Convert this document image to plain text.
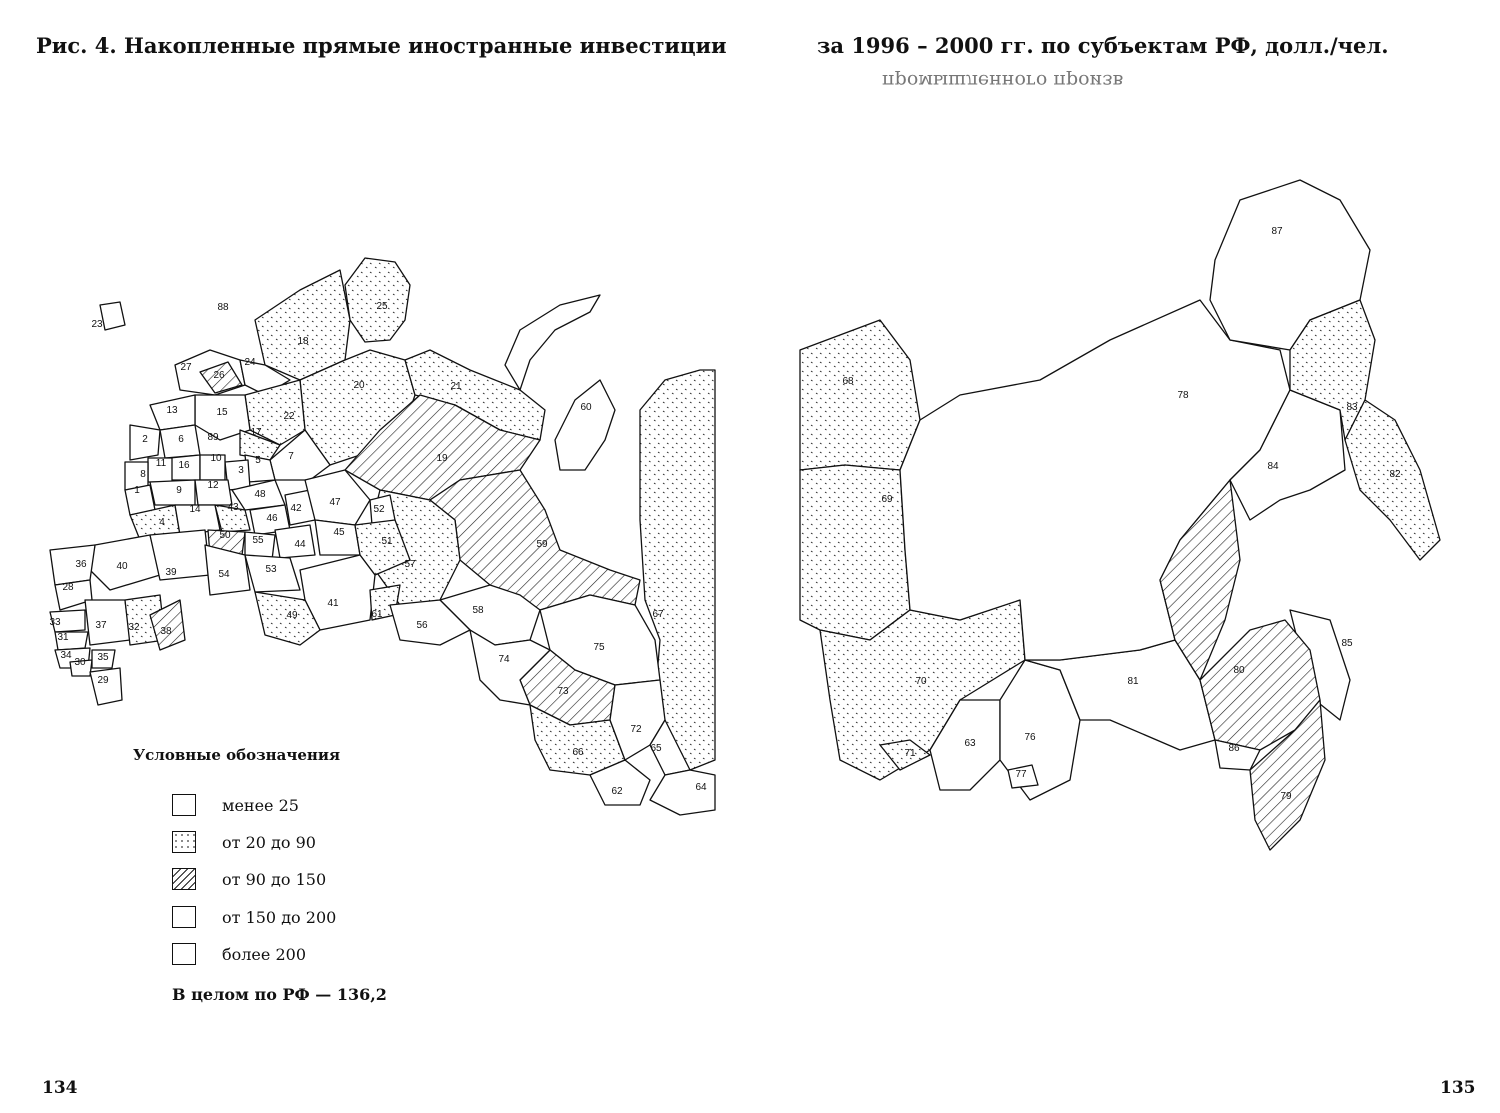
Рис. 4. Накопленные прямые иностранные инвестиции	за 1996 – 2000 гг. по субъектам РФ, долл./чел.
промышленного произв
1
2
3
4
5
6
7
8
9
10
11
12
13
14
15
16
17
18
19
20	21
22
23
24
25
26
27
28
29
30
31
32
33
34	35
36
37
38
39
40
41
42
43
44
45
46
47
48
49
50
51
52
53
54
55
56
57
58
59
60
61
62
63
64
65
66
67
68
69
70
71
72
73
74
75
76
77
78
79
80
81
82
83
84
85
86
87
88
89
Условные обозначения
менее 25
от 20 до 90
от 90 до 150
от 150 до 200
более 200
В целом по РФ — 136,2
134	135
